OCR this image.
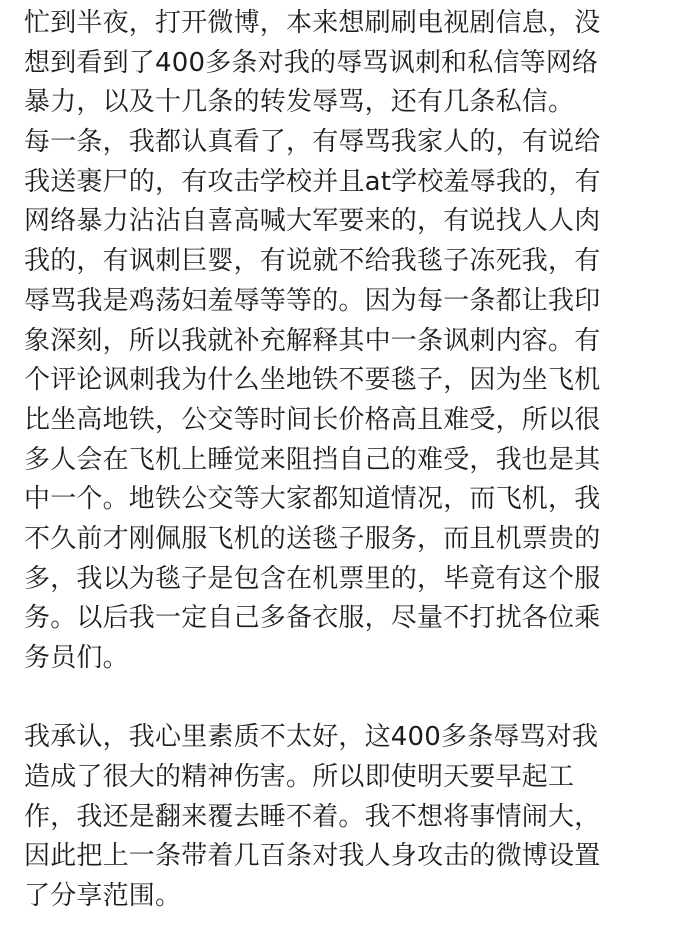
忙到半夜，打开微博，本来想刷刷电视剧信息，没
想到看到了400多条对我的辱骂讽刺和私信等网络
暴力，以及十几条的转发辱骂，还有几条私信。
每一条，我都认真看了，有辱骂我家人的，有说给
我送裹尸的，有攻击学校并且at学校羞辱我的，有
网络暴力沾沾自喜高喊大军要来的，有说找人人肉
我的，有讽刺巨婴，有说就不给我毯子冻死我，有
辱骂我是鸡荡妇羞辱等等的。因为每一条都让我印
象深刻，所以我就补充解释其中一条讽刺内容。有
个评论讽刺我为什么坐地铁不要毯子，因为坐飞机
比坐高地铁，公交等时间长价格高且难受，所以很
多人会在飞机上睡觉来阻挡自己的难受，我也是其
中一个。地铁公交等大家都知道情况，而飞机，我
不久前才刚佩服飞机的送毯子服务，而且机票贵的
多，我以为毯子是包含在机票里的，毕竟有这个服
务。以后我一定自己多备衣服，尽量不打扰各位乘
务员们。
我承认，我心里素质不太好，这400多条辱骂对我
造成了很大的精神伤害。所以即使明天要早起工
作，我还是翻来覆去睡不着。我不想将事情闹大，
因此把上一条带着几百条对我人身攻击的微博设置
了分享范围。
